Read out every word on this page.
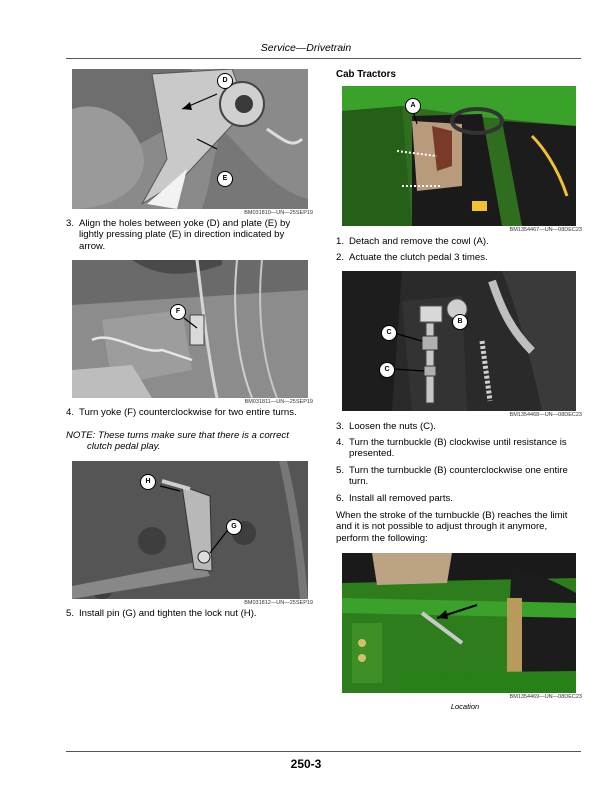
Service—Drivetrain
D
E
BM031810—UN—25SEP19
3. Align the holes between yoke (D) and plate (E) by lightly pressing plate (E) in direction indicated by arrow.
F
BM031811—UN—25SEP19
4. Turn yoke (F) counterclockwise for two entire turns.
NOTE: These turns make sure that there is a correct clutch pedal play.
H
G
BM031812—UN—25SEP19
5. Install pin (G) and tighten the lock nut (H).
Cab Tractors
A
BM1354467—UN—08DEC23
1. Detach and remove the cowl (A).
2. Actuate the clutch pedal 3 times.
B
C
C
BM1354468—UN—08DEC23
3. Loosen the nuts (C).
4. Turn the turnbuckle (B) clockwise until resistance is presented.
5. Turn the turnbuckle (B) counterclockwise one entire turn.
6. Install all removed parts.
When the stroke of the turnbuckle (B) reaches the limit and it is not possible to adjust through it anymore, perform the following:
BM1354469—UN—08DEC23
Location
250-3
